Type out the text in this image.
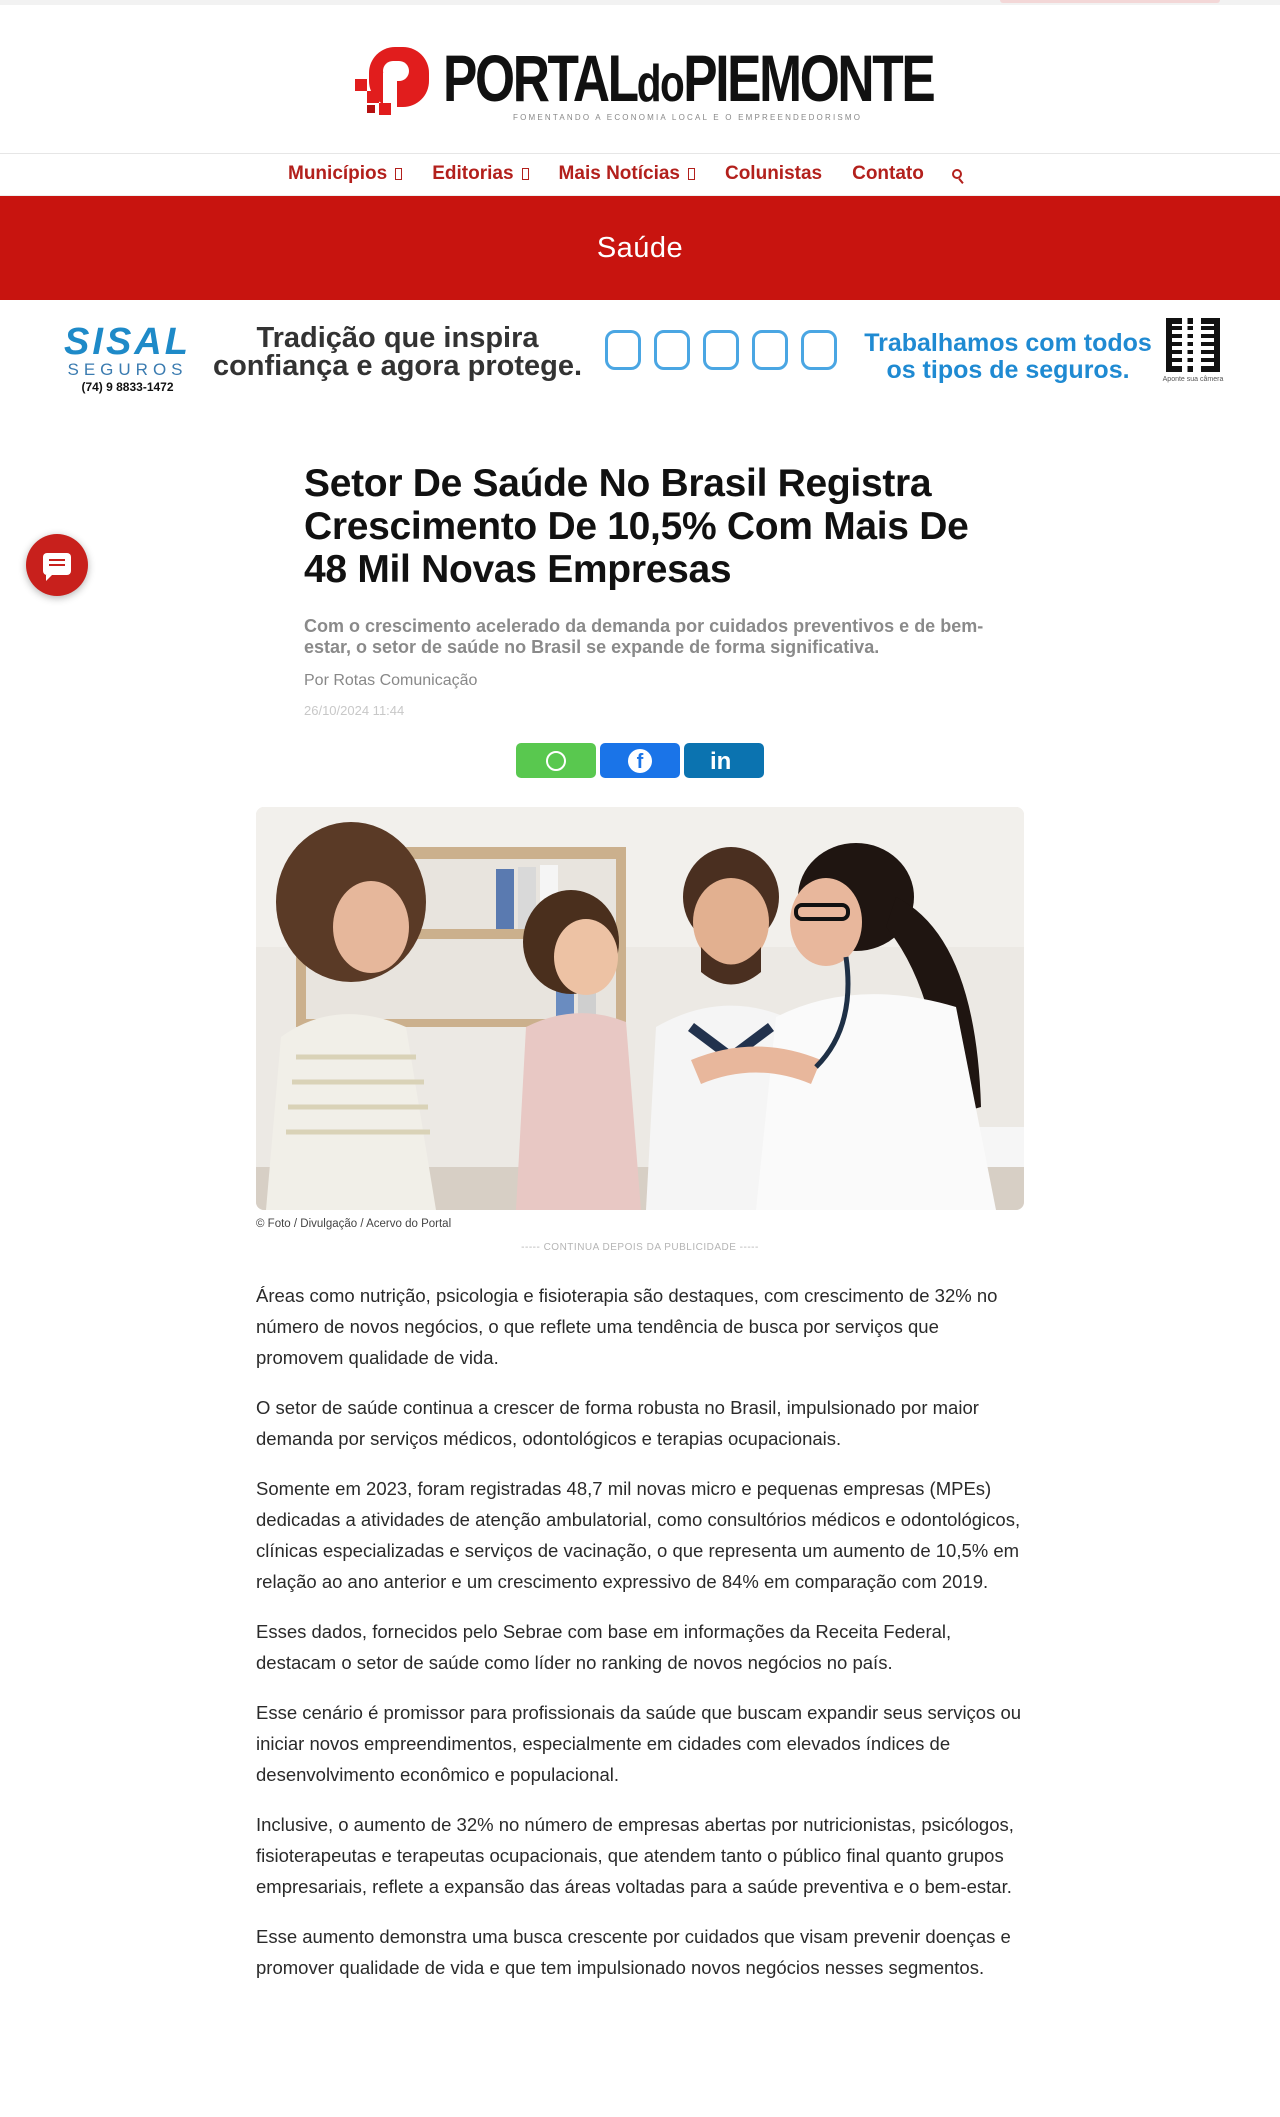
PORTALdoPIEMONTE
FOMENTANDO A ECONOMIA LOCAL E O EMPREENDEDORISMO
Municípios Editorias Mais Notícias Colunistas Contato
Saúde
SISAL
SEGUROS
(74) 9 8833-1472
Tradição que inspira confiança e agora protege.
Trabalhamos com todos os tipos de seguros.	Aponte sua câmera
Setor De Saúde No Brasil Registra Crescimento De 10,5% Com Mais De 48 Mil Novas Empresas

Com o crescimento acelerado da demanda por cuidados preventivos e de bem-estar, o setor de saúde no Brasil se expande de forma significativa.

Por Rotas Comunicação
26/10/2024 11:44
f	in
© Foto / Divulgação / Acervo do Portal
----- CONTINUA DEPOIS DA PUBLICIDADE -----

Áreas como nutrição, psicologia e fisioterapia são destaques, com crescimento de 32% no número de novos negócios, o que reflete uma tendência de busca por serviços que promovem qualidade de vida.

O setor de saúde continua a crescer de forma robusta no Brasil, impulsionado por maior demanda por serviços médicos, odontológicos e terapias ocupacionais.

Somente em 2023, foram registradas 48,7 mil novas micro e pequenas empresas (MPEs) dedicadas a atividades de atenção ambulatorial, como consultórios médicos e odontológicos, clínicas especializadas e serviços de vacinação, o que representa um aumento de 10,5% em relação ao ano anterior e um crescimento expressivo de 84% em comparação com 2019.

Esses dados, fornecidos pelo Sebrae com base em informações da Receita Federal, destacam o setor de saúde como líder no ranking de novos negócios no país.

Esse cenário é promissor para profissionais da saúde que buscam expandir seus serviços ou iniciar novos empreendimentos, especialmente em cidades com elevados índices de desenvolvimento econômico e populacional.

Inclusive, o aumento de 32% no número de empresas abertas por nutricionistas, psicólogos, fisioterapeutas e terapeutas ocupacionais, que atendem tanto o público final quanto grupos empresariais, reflete a expansão das áreas voltadas para a saúde preventiva e o bem-estar.

Esse aumento demonstra uma busca crescente por cuidados que visam prevenir doenças e promover qualidade de vida e que tem impulsionado novos negócios nesses segmentos.
